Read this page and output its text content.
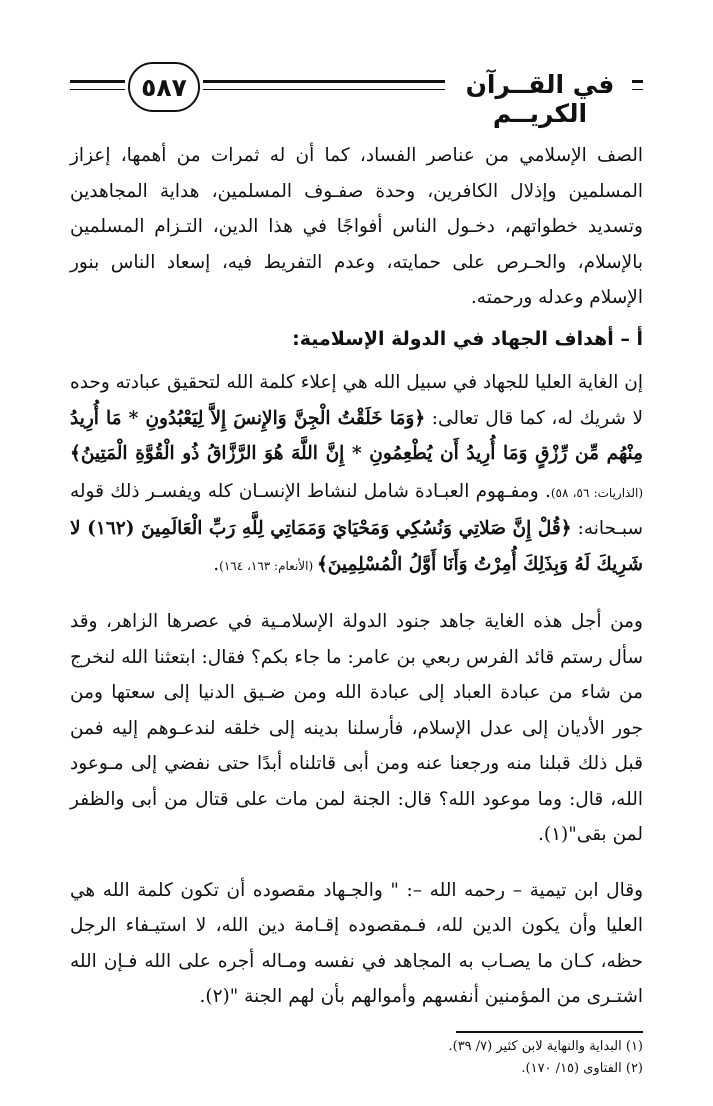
٥٨٧	في القــرآن الكريــم

الصف الإسلامي من عناصر الفساد، كما أن له ثمرات من أهمها، إعزاز المسلمين وإذلال الكافرين، وحدة صفـوف المسلمين، هداية المجاهدين وتسديد خطواتهم، دخـول الناس أفواجًا في هذا الدين، التـزام المسلمين بالإسلام، والحـرص على حمايته، وعدم التفريط فيه، إسعاد الناس بنور الإسلام وعدله ورحمته.

أ – أهداف الجهاد في الدولة الإسلامية:

إن الغاية العليا للجهاد في سبيل الله هي إعلاء كلمة الله لتحقيق عبادته وحده لا شريك له، كما قال تعالى: ﴿وَمَا خَلَقْتُ الْجِنَّ وَالإِنسَ إِلاَّ لِيَعْبُدُونِ * مَا أُرِيدُ مِنْهُم مِّن رِّزْقٍ وَمَا أُرِيدُ أَن يُطْعِمُونِ * إِنَّ اللَّهَ هُوَ الرَّزَّاقُ ذُو الْقُوَّةِ الْمَتِينُ﴾ (الذاريات: ٥٦، ٥٨). ومفـهوم العبـادة شامل لنشاط الإنسـان كله ويفسـر ذلك قوله سبـحانه: ﴿قُلْ إِنَّ صَلاتِي وَنُسُكِي وَمَحْيَايَ وَمَمَاتِي لِلَّهِ رَبِّ الْعَالَمِينَ (١٦٢) لا شَرِيكَ لَهُ وَبِذَلِكَ أُمِرْتُ وَأَنَا أَوَّلُ الْمُسْلِمِينَ﴾ (الأنعام: ١٦٣، ١٦٤).

ومن أجل هذه الغاية جاهد جنود الدولة الإسلامـية في عصرها الزاهر، وقد سأل رستم قائد الفرس ربعي بن عامر: ما جاء بكم؟ فقال: ابتعثنا الله لنخرج من شاء من عبادة العباد إلى عبادة الله ومن ضـيق الدنيا إلى سعتها ومن جور الأديان إلى عدل الإسلام، فأرسلنا بدينه إلى خلقه لندعـوهم إليه فمن قبل ذلك قبلنا منه ورجعنا عنه ومن أبى قاتلناه أبدًا حتى نفضي إلى مـوعود الله، قال: وما موعود الله؟ قال: الجنة لمن مات على قتال من أبى والظفر لمن بقى"(١).

وقال ابن تيمية – رحمه الله –: " والجـهاد مقصوده أن تكون كلمة الله هي العليا وأن يكون الدين لله، فـمقصوده إقـامة دين الله، لا استيـفاء الرجل حظه، كـان ما يصـاب به المجاهد في نفسه ومـاله أجره على الله فـإن الله اشتـرى من المؤمنين أنفسهم وأموالهم بأن لهم الجنة "(٢).

(١) البداية والنهاية لابن كثير (٧/ ٣٩).

(٢) الفتاوى (١٥/ ١٧٠).
